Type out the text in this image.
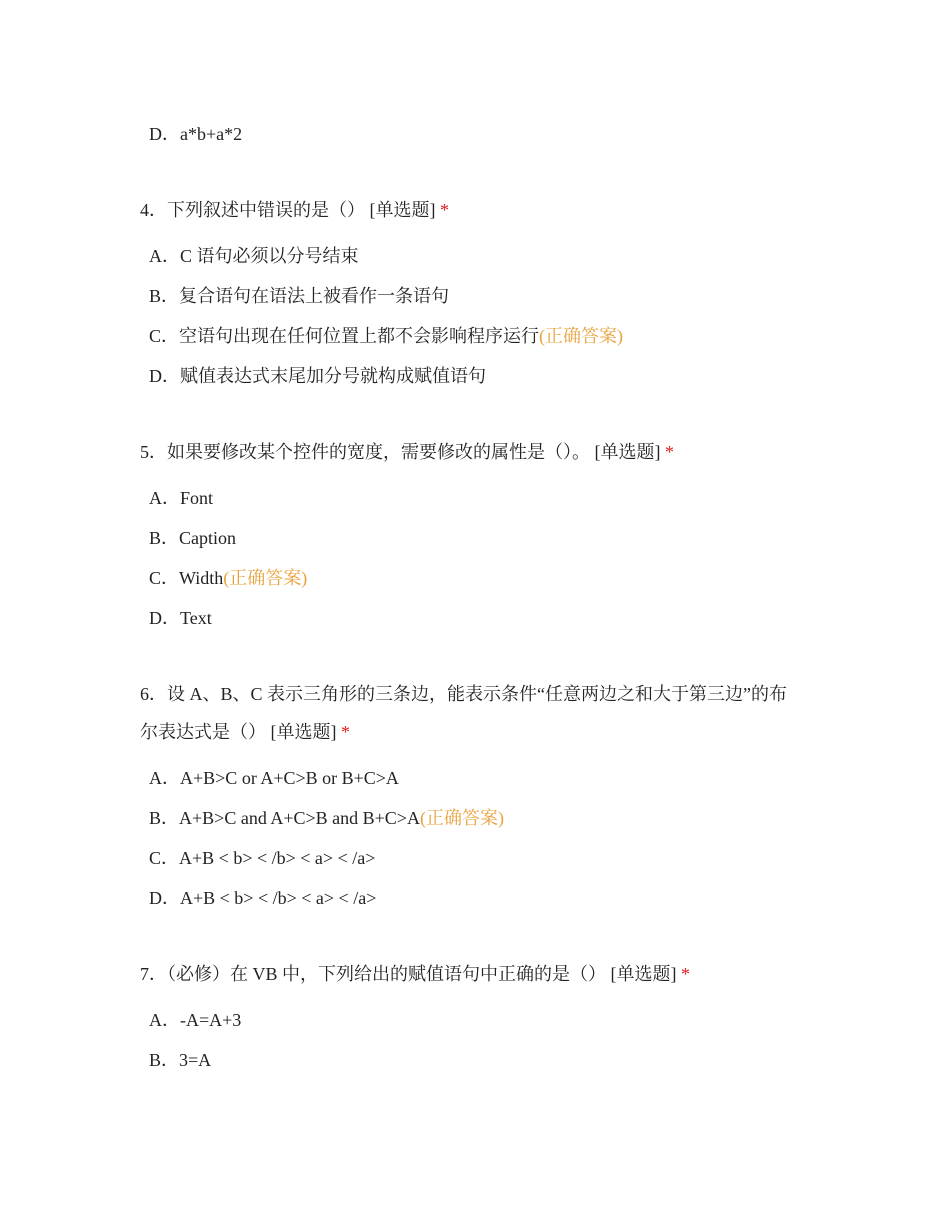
D．a*b+a*2
4．下列叙述中错误的是（） [单选题] *
A．C 语句必须以分号结束
B．复合语句在语法上被看作一条语句
C．空语句出现在任何位置上都不会影响程序运行(正确答案)
D．赋值表达式末尾加分号就构成赋值语句
5．如果要修改某个控件的宽度，需要修改的属性是（）。 [单选题] *
A．Font
B．Caption
C．Width(正确答案)
D．Text
6．设 A、B、C 表示三角形的三条边，能表示条件“任意两边之和大于第三边”的布
尔表达式是（） [单选题] *
A．A+B>C or A+C>B or B+C>A
B．A+B>C and A+C>B and B+C>A(正确答案)
C．A+B < b> < /b> < a> < /a>
D．A+B < b> < /b> < a> < /a>
7．（必修）在 VB 中，下列给出的赋值语句中正确的是（） [单选题] *
A．-A=A+3
B．3=A
